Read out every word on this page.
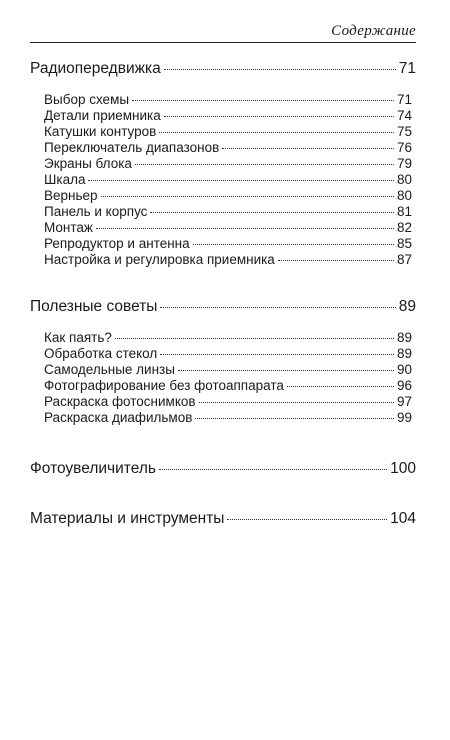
Содержание
Радиопередвижка	71
Выбор схемы	71
Детали приемника	74
Катушки контуров	75
Переключатель диапазонов	76
Экраны блока	79
Шкала	80
Верньер	80
Панель и корпус	81
Монтаж	82
Репродуктор и антенна	85
Настройка и регулировка приемника	87
Полезные советы	89
Как паять?	89
Обработка стекол	89
Самодельные линзы	90
Фотографирование без фотоаппарата	96
Раскраска фотоснимков	97
Раскраска диафильмов	99
Фотоувеличитель	100
Материалы и инструменты	104
